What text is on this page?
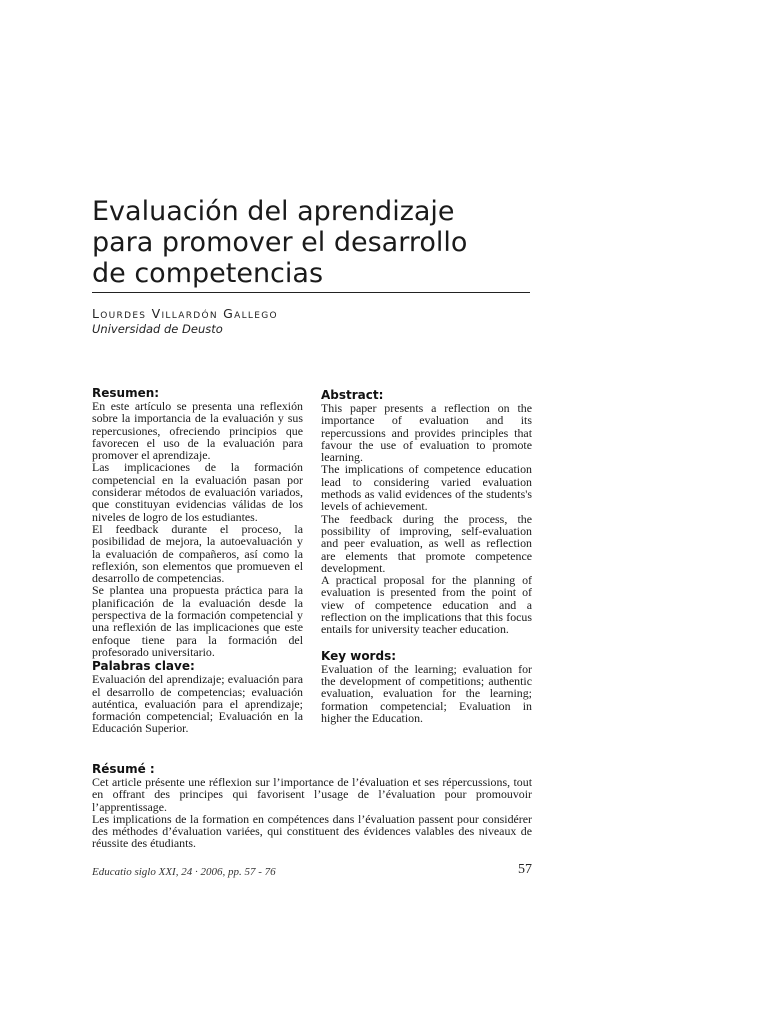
Evaluación del aprendizaje
para promover el desarrollo
de competencias
Lourdes Villardón Gallego
Universidad de Deusto
Resumen:

En este artículo se presenta una reflexión sobre la importancia de la evaluación y sus repercusiones, ofreciendo principios que favorecen el uso de la evaluación para promover el aprendizaje.

Las implicaciones de la formación competencial en la evaluación pasan por considerar métodos de evaluación variados, que constituyan evidencias válidas de los niveles de logro de los estudiantes.

El feedback durante el proceso, la posibilidad de mejora, la autoevaluación y la evaluación de compañeros, así como la reflexión, son elementos que promueven el desarrollo de competencias.

Se plantea una propuesta práctica para la planificación de la evaluación desde la perspectiva de la formación competencial y una reflexión de las implicaciones que este enfoque tiene para la formación del profesorado universitario.

Palabras clave:

Evaluación del aprendizaje; evaluación para el desarrollo de competencias; evaluación auténtica, evaluación para el aprendizaje; formación competencial; Evaluación en la Educación Superior.

Abstract:

This paper presents a reflection on the importance of evaluation and its repercussions and provides principles that favour the use of evaluation to promote learning.

The implications of competence education lead to considering varied evaluation methods as valid evidences of the students's levels of achievement.

The feedback during the process, the possibility of improving, self-evaluation and peer evaluation, as well as reflection are elements that promote competence development.

A practical proposal for the planning of evaluation is presented from the point of view of competence education and a reflection on the implications that this focus entails for university teacher education.

Key words:

Evaluation of the learning; evaluation for the development of competitions; authentic evaluation, evaluation for the learning; formation competencial; Evaluation in higher the Education.

Résumé :

Cet article présente une réflexion sur l’importance de l’évaluation et ses répercussions, tout en offrant des principes qui favorisent l’usage de l’évaluation pour promouvoir l’apprentissage.

Les implications de la formation en compétences dans l’évaluation passent pour considérer des méthodes d’évaluation variées, qui constituent des évidences valables des niveaux de réussite des étudiants.

Educatio siglo XXI, 24 · 2006, pp. 57 - 76	57
